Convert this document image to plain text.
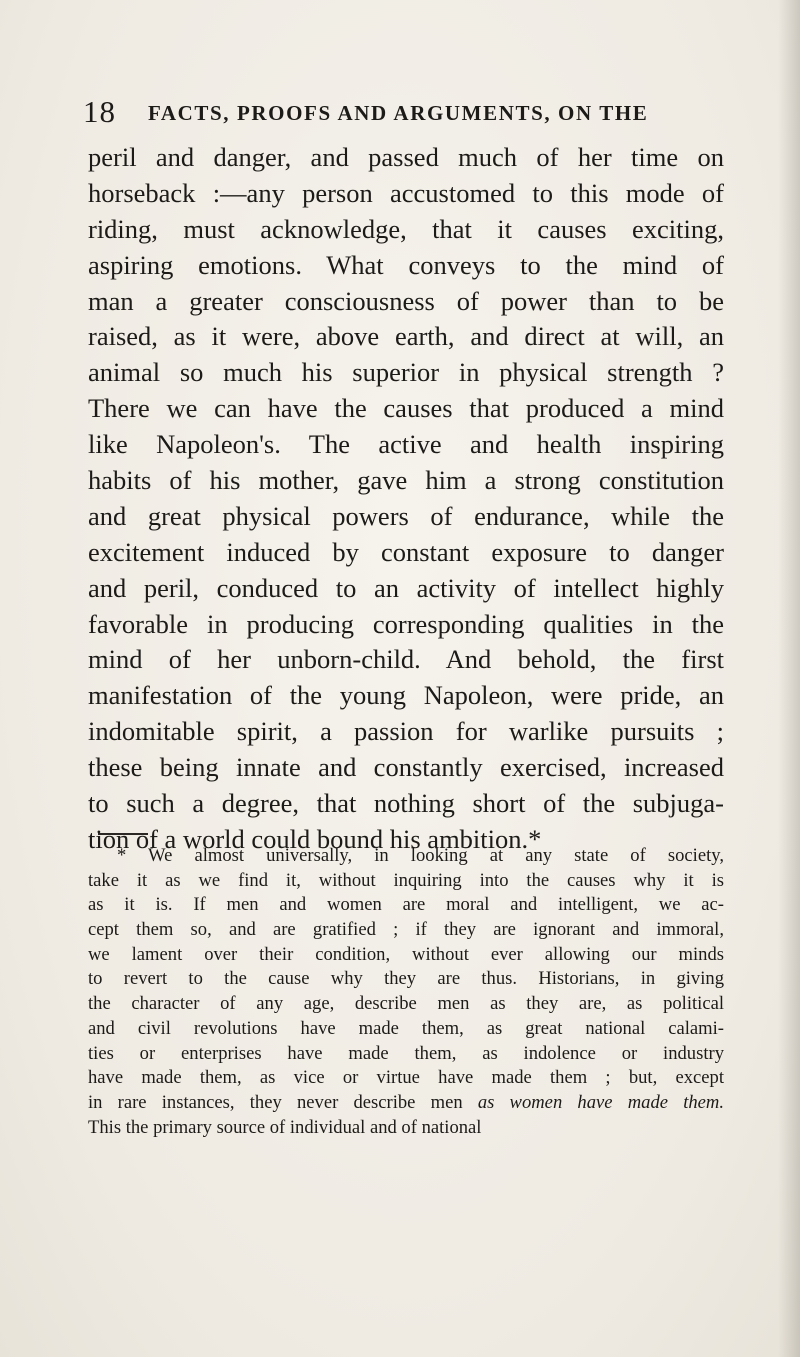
18 FACTS, PROOFS AND ARGUMENTS, ON THE
peril and danger, and passed much of her time on
horseback :—any person accustomed to this mode of
riding, must acknowledge, that it causes exciting,
aspiring emotions. What conveys to the mind of
man a greater consciousness of power than to be
raised, as it were, above earth, and direct at will, an
animal so much his superior in physical strength ?
There we can have the causes that produced a mind
like Napoleon's. The active and health inspiring
habits of his mother, gave him a strong constitution
and great physical powers of endurance, while the
excitement induced by constant exposure to danger
and peril, conduced to an activity of intellect highly
favorable in producing corresponding qualities in the
mind of her unborn-child. And behold, the first
manifestation of the young Napoleon, were pride, an
indomitable spirit, a passion for warlike pursuits ;
these being innate and constantly exercised, increased
to such a degree, that nothing short of the subjuga-
tion of a world could bound his ambition.*
* We almost universally, in looking at any state of society,
take it as we find it, without inquiring into the causes why it is
as it is. If men and women are moral and intelligent, we ac-
cept them so, and are gratified ; if they are ignorant and immoral,
we lament over their condition, without ever allowing our minds
to revert to the cause why they are thus. Historians, in giving
the character of any age, describe men as they are, as political
and civil revolutions have made them, as great national calami-
ties or enterprises have made them, as indolence or industry
have made them, as vice or virtue have made them ; but, except
in rare instances, they never describe men as women have made them.
This the primary source of individual and of national
